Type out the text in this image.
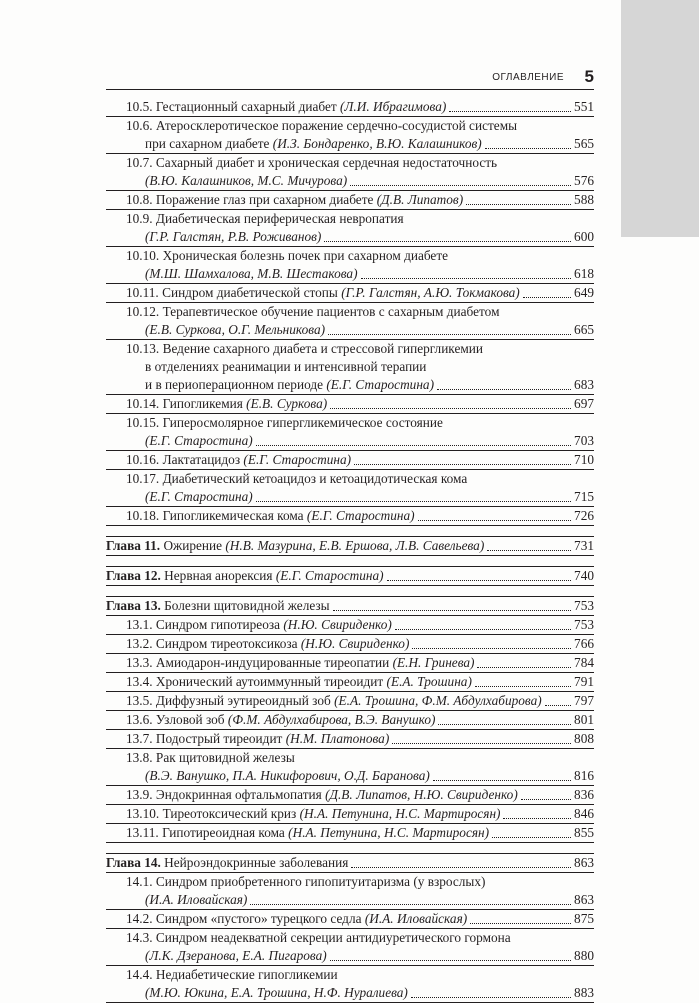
ОГЛАВЛЕНИЕ 5
10.5. Гестационный сахарный диабет (Л.И. Ибрагимова)	551
10.6. Атеросклеротическое поражение сердечно-сосудистой системы
при сахарном диабете (И.З. Бондаренко, В.Ю. Калашников)	565
10.7. Сахарный диабет и хроническая сердечная недостаточность
(В.Ю. Калашников, М.С. Мичурова)	576
10.8. Поражение глаз при сахарном диабете (Д.В. Липатов)	588
10.9. Диабетическая периферическая невропатия
(Г.Р. Галстян, Р.В. Роживанов)	600
10.10. Хроническая болезнь почек при сахарном диабете
(М.Ш. Шамхалова, М.В. Шестакова)	618
10.11. Синдром диабетической стопы (Г.Р. Галстян, А.Ю. Токмакова)	649
10.12. Терапевтическое обучение пациентов с сахарным диабетом
(Е.В. Суркова, О.Г. Мельникова)	665
10.13. Ведение сахарного диабета и стрессовой гипергликемии
в отделениях реанимации и интенсивной терапии
и в периоперационном периоде (Е.Г. Старостина)	683
10.14. Гипогликемия (Е.В. Суркова)	697
10.15. Гиперосмолярное гипергликемическое состояние
(Е.Г. Старостина)	703
10.16. Лактатацидоз (Е.Г. Старостина)	710
10.17. Диабетический кетоацидоз и кетоацидотическая кома
(Е.Г. Старостина)	715
10.18. Гипогликемическая кома (Е.Г. Старостина)	726
Глава 11. Ожирение (Н.В. Мазурина, Е.В. Ершова, Л.В. Савельева)	731
Глава 12. Нервная анорексия (Е.Г. Старостина)	740
Глава 13. Болезни щитовидной железы	753
13.1. Синдром гипотиреоза (Н.Ю. Свириденко)	753
13.2. Синдром тиреотоксикоза (Н.Ю. Свириденко)	766
13.3. Амиодарон-индуцированные тиреопатии (Е.Н. Гринева)	784
13.4. Хронический аутоиммунный тиреоидит (Е.А. Трошина)	791
13.5. Диффузный эутиреоидный зоб (Е.А. Трошина, Ф.М. Абдулхабирова) 797
13.6. Узловой зоб (Ф.М. Абдулхабирова, В.Э. Ванушко)	801
13.7. Подострый тиреоидит (Н.М. Платонова)	808
13.8. Рак щитовидной железы
(В.Э. Ванушко, П.А. Никифорович, О.Д. Баранова)	816
13.9. Эндокринная офтальмопатия (Д.В. Липатов, Н.Ю. Свириденко)	836
13.10. Тиреотоксический криз (Н.А. Петунина, Н.С. Мартиросян)	846
13.11. Гипотиреоидная кома (Н.А. Петунина, Н.С. Мартиросян)	855
Глава 14. Нейроэндокринные заболевания	863
14.1. Синдром приобретенного гипопитуитаризма (у взрослых)
(И.А. Иловайская)	863
14.2. Синдром «пустого» турецкого седла (И.А. Иловайская)	875
14.3. Синдром неадекватной секреции антидиуретического гормона
(Л.К. Дзеранова, Е.А. Пигарова)	880
14.4. Недиабетические гипогликемии
(М.Ю. Юкина, Е.А. Трошина, Н.Ф. Нуралиева)	883
